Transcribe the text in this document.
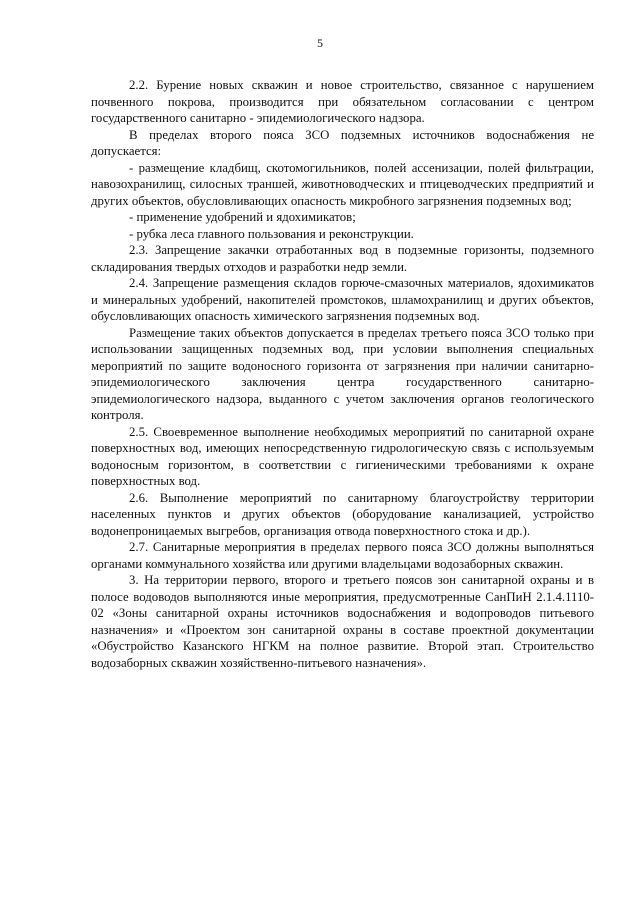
5

2.2. Бурение новых скважин и новое строительство, связанное с нарушением почвенного покрова, производится при обязательном согласовании с центром государственного санитарно - эпидемиологического надзора.

В пределах второго пояса ЗСО подземных источников водоснабжения не допускается:

- размещение кладбищ, скотомогильников, полей ассенизации, полей фильтрации, навозохранилищ, силосных траншей, животноводческих и птицеводческих предприятий и других объектов, обусловливающих опасность микробного загрязнения подземных вод;

- применение удобрений и ядохимикатов;

- рубка леса главного пользования и реконструкции.

2.3. Запрещение закачки отработанных вод в подземные горизонты, подземного складирования твердых отходов и разработки недр земли.

2.4. Запрещение размещения складов горюче-смазочных материалов, ядохимикатов и минеральных удобрений, накопителей промстоков, шламохранилищ и других объектов, обусловливающих опасность химического загрязнения подземных вод.

Размещение таких объектов допускается в пределах третьего пояса ЗСО только при использовании защищенных подземных вод, при условии выполнения специальных мероприятий по защите водоносного горизонта от загрязнения при наличии санитарно-эпидемиологического заключения центра государственного санитарно-эпидемиологического надзора, выданного с учетом заключения органов геологического контроля.

2.5. Своевременное выполнение необходимых мероприятий по санитарной охране поверхностных вод, имеющих непосредственную гидрологическую связь с используемым водоносным горизонтом, в соответствии с гигиеническими требованиями к охране поверхностных вод.

2.6. Выполнение мероприятий по санитарному благоустройству территории населенных пунктов и других объектов (оборудование канализацией, устройство водонепроницаемых выгребов, организация отвода поверхностного стока и др.).

2.7. Санитарные мероприятия в пределах первого пояса ЗСО должны выполняться органами коммунального хозяйства или другими владельцами водозаборных скважин.

3. На территории первого, второго и третьего поясов зон санитарной охраны и в полосе водоводов выполняются иные мероприятия, предусмотренные СанПиН 2.1.4.1110-02 «Зоны санитарной охраны источников водоснабжения и водопроводов питьевого назначения» и «Проектом зон санитарной охраны в составе проектной документации «Обустройство Казанского НГКМ на полное развитие. Второй этап. Строительство водозаборных скважин хозяйственно-питьевого назначения».
